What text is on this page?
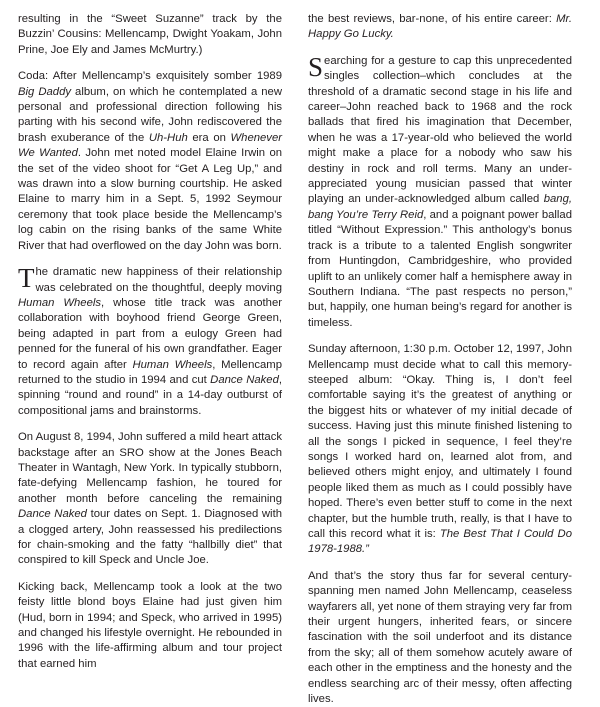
resulting in the “Sweet Suzanne” track by the Buzzin’ Cousins: Mellencamp, Dwight Yoakam, John Prine, Joe Ely and James McMurtry.)

Coda: After Mellencamp’s exquisitely somber 1989 Big Daddy album, on which he contemplated a new personal and professional direction following his parting with his second wife, John rediscovered the brash exuberance of the Uh-Huh era on Whenever We Wanted. John met noted model Elaine Irwin on the set of the video shoot for “Get A Leg Up,” and was drawn into a slow burning courtship. He asked Elaine to marry him in a Sept. 5, 1992 Seymour ceremony that took place beside the Mellencamp’s log cabin on the rising banks of the same White River that had overflowed on the day John was born.

The dramatic new happiness of their relationship was celebrated on the thoughtful, deeply moving Human Wheels, whose title track was another collaboration with boyhood friend George Green, being adapted in part from a eulogy Green had penned for the funeral of his own grandfather. Eager to record again after Human Wheels, Mellencamp returned to the studio in 1994 and cut Dance Naked, spinning “round and round” in a 14-day outburst of compositional jams and brainstorms.

On August 8, 1994, John suffered a mild heart attack backstage after an SRO show at the Jones Beach Theater in Wantagh, New York. In typically stubborn, fate-defying Mellencamp fashion, he toured for another month before canceling the remaining Dance Naked tour dates on Sept. 1. Diagnosed with a clogged artery, John reassessed his predilections for chain-smoking and the fatty “hallbilly diet” that conspired to kill Speck and Uncle Joe.

Kicking back, Mellencamp took a look at the two feisty little blond boys Elaine had just given him (Hud, born in 1994; and Speck, who arrived in 1995) and changed his lifestyle overnight. He rebounded in 1996 with the life-affirming album and tour project that earned him

the best reviews, bar-none, of his entire career: Mr. Happy Go Lucky.

Searching for a gesture to cap this unprecedented singles collection–which concludes at the threshold of a dramatic second stage in his life and career–John reached back to 1968 and the rock ballads that fired his imagination that December, when he was a 17-year-old who believed the world might make a place for a nobody who saw his destiny in rock and roll terms. Many an under-appreciated young musician passed that winter playing an under-acknowledged album called bang, bang You’re Terry Reid, and a poignant power ballad titled “Without Expression.” This anthology’s bonus track is a tribute to a talented English songwriter from Huntingdon, Cambridgeshire, who provided uplift to an unlikely comer half a hemisphere away in Southern Indiana. “The past respects no person,” but, happily, one human being’s regard for another is timeless.

Sunday afternoon, 1:30 p.m. October 12, 1997, John Mellencamp must decide what to call this memory-steeped album: “Okay. Thing is, I don’t feel comfortable saying it’s the greatest of anything or the biggest hits or whatever of my initial decade of success. Having just this minute finished listening to all the songs I picked in sequence, I feel they’re songs I worked hard on, learned alot from, and believed others might enjoy, and ultimately I found people liked them as much as I could possibly have hoped. There’s even better stuff to come in the next chapter, but the humble truth, really, is that I have to call this record what it is: The Best That I Could Do 1978-1988.”

And that’s the story thus far for several century-spanning men named John Mellencamp, ceaseless wayfarers all, yet none of them straying very far from their urgent hungers, inherited fears, or sincere fascination with the soil underfoot and its distance from the sky; all of them somehow acutely aware of each other in the emptiness and the honesty and the endless searching arc of their messy, often affecting lives.
